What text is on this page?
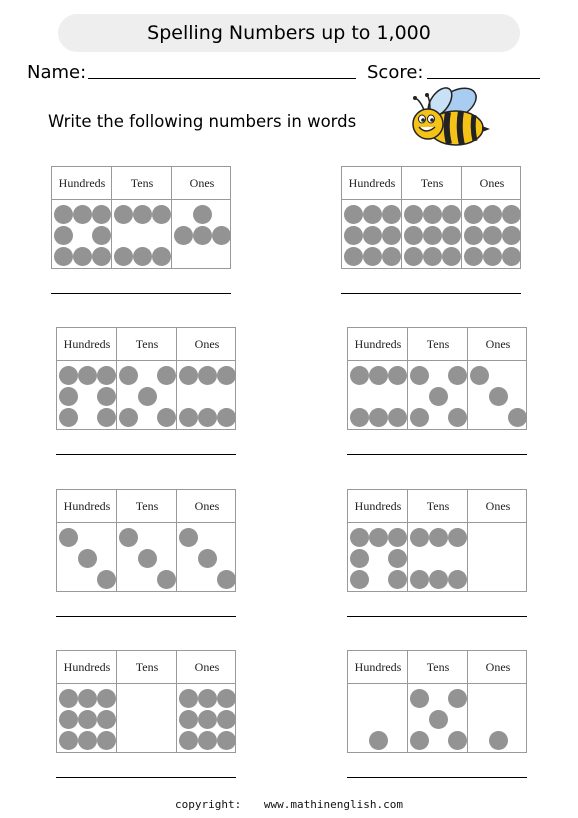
Spelling Numbers up to 1,000
Name:	Score:
Write the following numbers in words
Hundreds	Tens	Ones	Hundreds	Tens	Ones
Hundreds	Tens	Ones	Hundreds	Tens	Ones
Hundreds	Tens	Ones	Hundreds	Tens	Ones
Hundreds	Tens	Ones	Hundreds	Tens	Ones
copyright: www.mathinenglish.com
